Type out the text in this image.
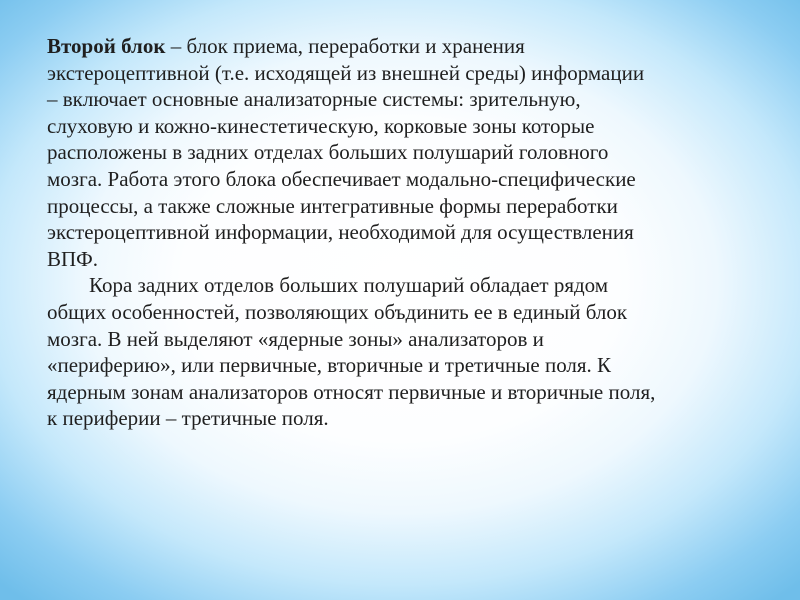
Второй блок – блок приема, переработки и хранения
экстероцептивной (т.е. исходящей из внешней среды) информации
– включает основные анализаторные системы: зрительную,
слуховую и кожно-кинестетическую, корковые зоны которые
расположены в задних отделах больших полушарий головного
мозга. Работа этого блока обеспечивает модально-специфические
процессы, а также сложные интегративные формы переработки
экстероцептивной информации, необходимой для осуществления
ВПФ.

Кора задних отделов больших полушарий обладает рядом
общих особенностей, позволяющих объдинить ее в единый блок
мозга. В ней выделяют «ядерные зоны» анализаторов и
«периферию», или первичные, вторичные и третичные поля. К
ядерным зонам анализаторов относят первичные и вторичные поля,
к периферии – третичные поля.
